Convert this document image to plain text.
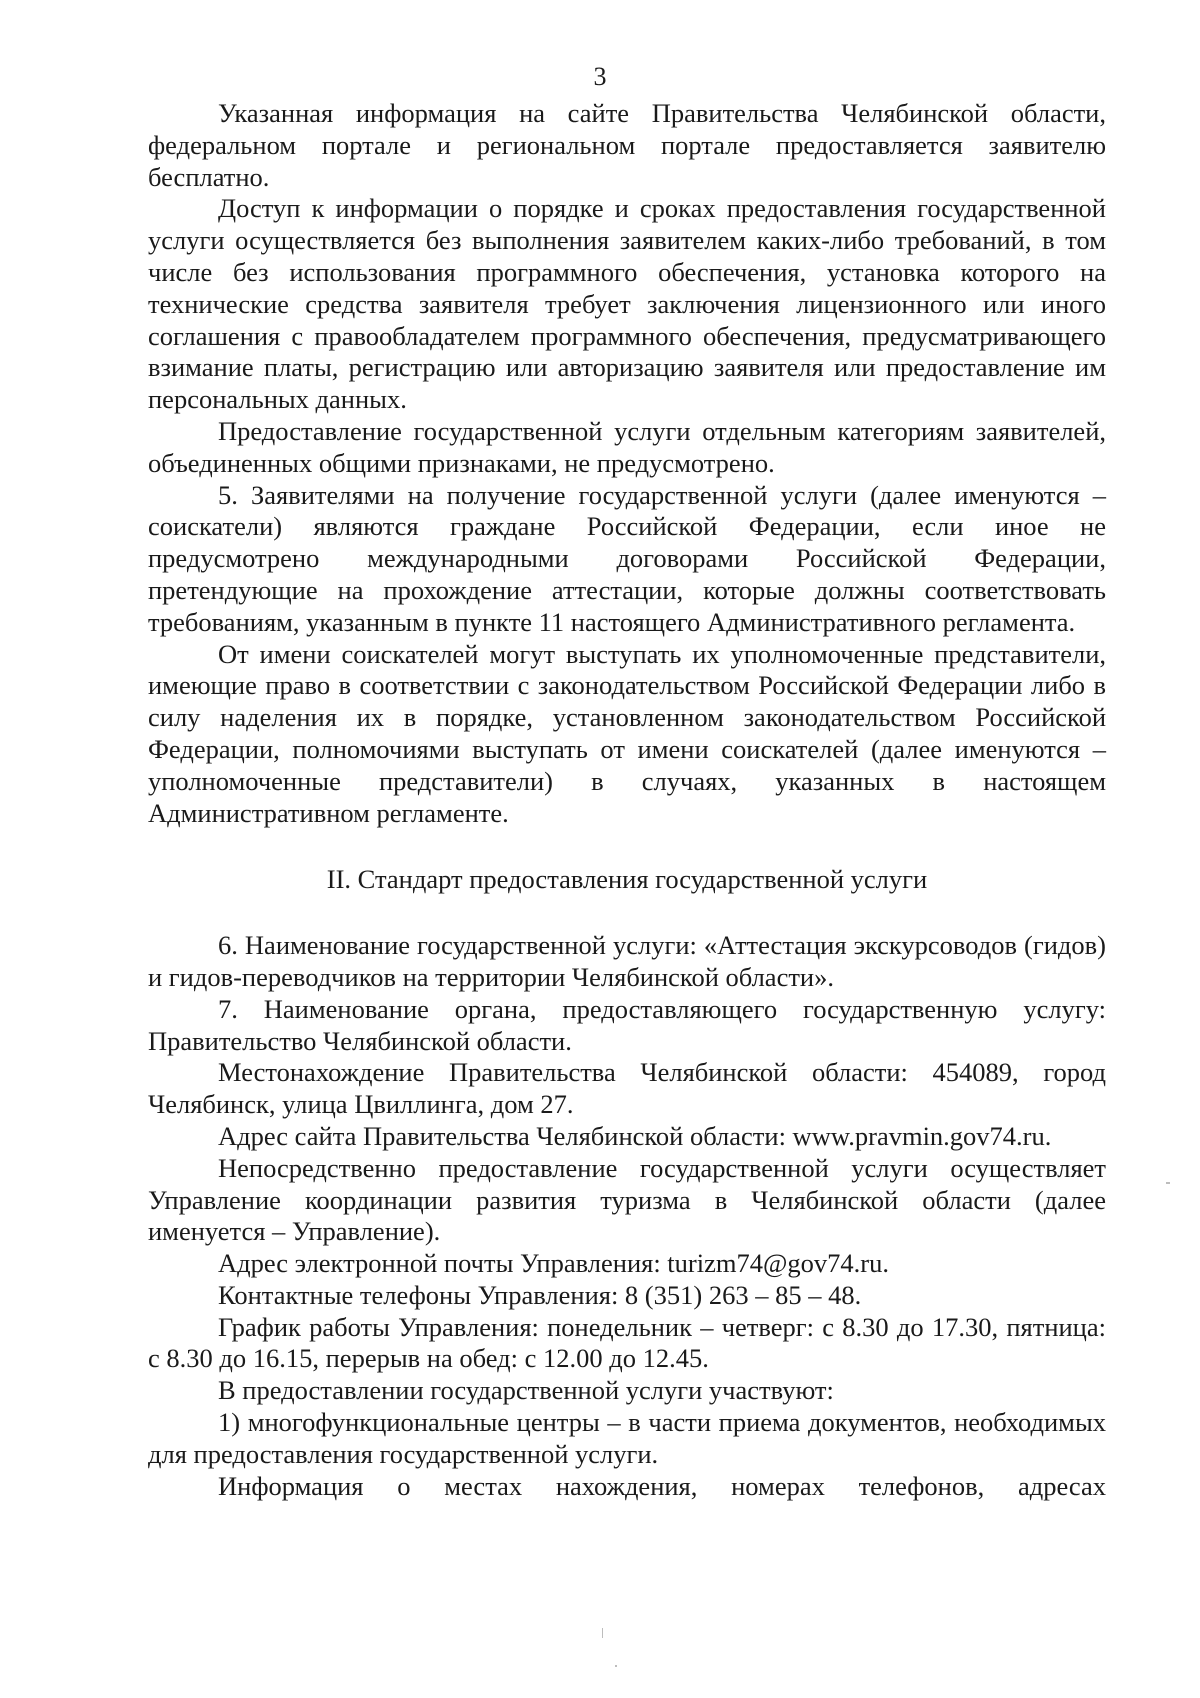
3

Указанная информация на сайте Правительства Челябинской области, федеральном портале и региональном портале предоставляется заявителю бесплатно.

Доступ к информации о порядке и сроках предоставления государственной услуги осуществляется без выполнения заявителем каких-либо требований, в том числе без использования программного обеспечения, установка которого на технические средства заявителя требует заключения лицензионного или иного соглашения с правообладателем программного обеспечения, предусматривающего взимание платы, регистрацию или авторизацию заявителя или предоставление им персональных данных.

Предоставление государственной услуги отдельным категориям заявителей, объединенных общими признаками, не предусмотрено.

5. Заявителями на получение государственной услуги (далее именуются – соискатели) являются граждане Российской Федерации, если иное не предусмотрено международными договорами Российской Федерации, претендующие на прохождение аттестации, которые должны соответствовать требованиям, указанным в пункте 11 настоящего Административного регламента.

От имени соискателей могут выступать их уполномоченные представители, имеющие право в соответствии с законодательством Российской Федерации либо в силу наделения их в порядке, установленном законодательством Российской Федерации, полномочиями выступать от имени соискателей (далее именуются – уполномоченные представители) в случаях, указанных в настоящем Административном регламенте.

II. Стандарт предоставления государственной услуги

6. Наименование государственной услуги: «Аттестация экскурсоводов (гидов) и гидов-переводчиков на территории Челябинской области».

7. Наименование органа, предоставляющего государственную услугу: Правительство Челябинской области.

Местонахождение Правительства Челябинской области: 454089, город Челябинск, улица Цвиллинга, дом 27.

Адрес сайта Правительства Челябинской области: www.pravmin.gov74.ru.

Непосредственно предоставление государственной услуги осуществляет Управление координации развития туризма в Челябинской области (далее именуется – Управление).

Адрес электронной почты Управления: turizm74@gov74.ru.

Контактные телефоны Управления: 8 (351) 263 – 85 – 48.

График работы Управления: понедельник – четверг: с 8.30 до 17.30, пятница: с 8.30 до 16.15, перерыв на обед: с 12.00 до 12.45.

В предоставлении государственной услуги участвуют:

1) многофункциональные центры – в части приема документов, необходимых для предоставления государственной услуги.

Информация о местах нахождения, номерах телефонов, адресах
